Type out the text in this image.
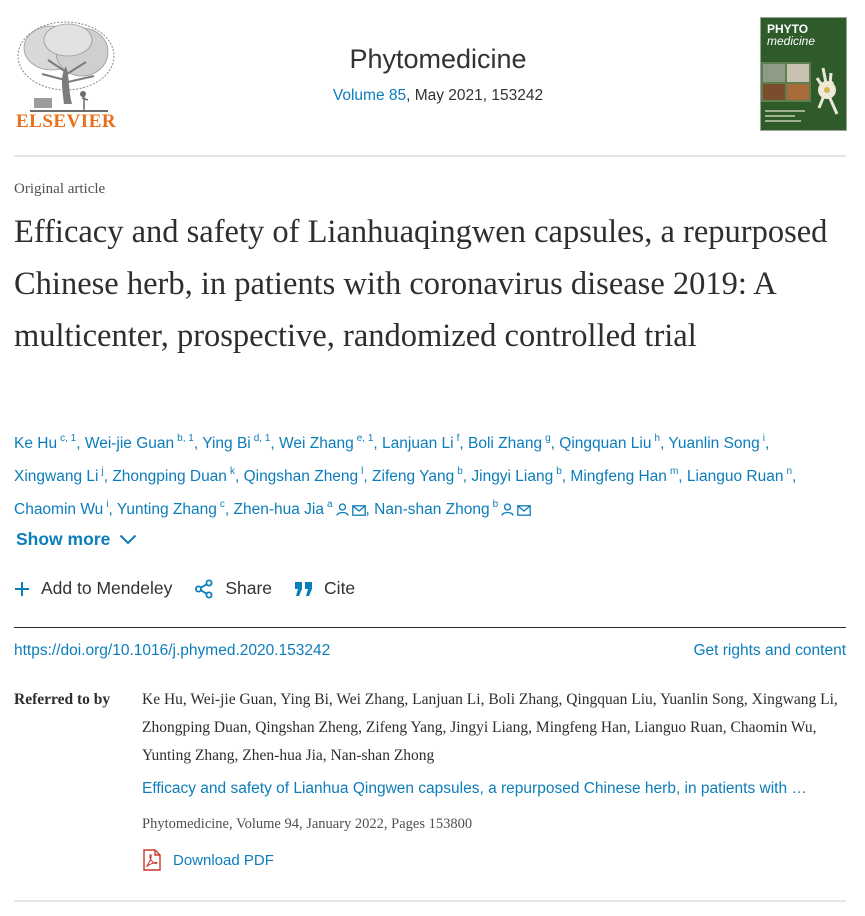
ELSEVIER
Phytomedicine
Volume 85, May 2021, 153242
PHYTO
medicine
Original article
Efficacy and safety of Lianhuaqingwen capsules, a repurposed Chinese herb, in patients with coronavirus disease 2019: A multicenter, prospective, randomized controlled trial
Ke Hu $^{c, 1}$, Wei-jie Guan $^{b, 1}$, Ying Bi $^{d, 1}$, Wei Zhang $^{e, 1}$, Lanjuan Li $^f$, Boli Zhang $^g$, Qingquan Liu $^h$, Yuanlin Song $^i$, Xingwang Li $^j$, Zhongping Duan $^k$, Qingshan Zheng $^l$, Zifeng Yang $^b$, Jingyi Liang $^b$, Mingfeng Han $^m$, Lianguo Ruan $^n$, Chaomin Wu $^i$, Yunting Zhang $^c$, Zhen-hua Jia $^a$ , Nan-shan Zhong $^b$
Show more
Add to Mendeley	Share	Cite
https://doi.org/10.1016/j.phymed.2020.153242	Get rights and content
Referred to by Ke Hu, Wei-jie Guan, Ying Bi, Wei Zhang, Lanjuan Li, Boli Zhang, Qingquan Liu, Yuanlin Song, Xingwang Li, Zhongping Duan, Qingshan Zheng, Zifeng Yang, Jingyi Liang, Mingfeng Han, Lianguo Ruan, Chaomin Wu, Yunting Zhang, Zhen-hua Jia, Nan-shan Zhong
Efficacy and safety of Lianhua Qingwen capsules, a repurposed Chinese herb, in patients with …
Phytomedicine, Volume 94, January 2022, Pages 153800
Download PDF
